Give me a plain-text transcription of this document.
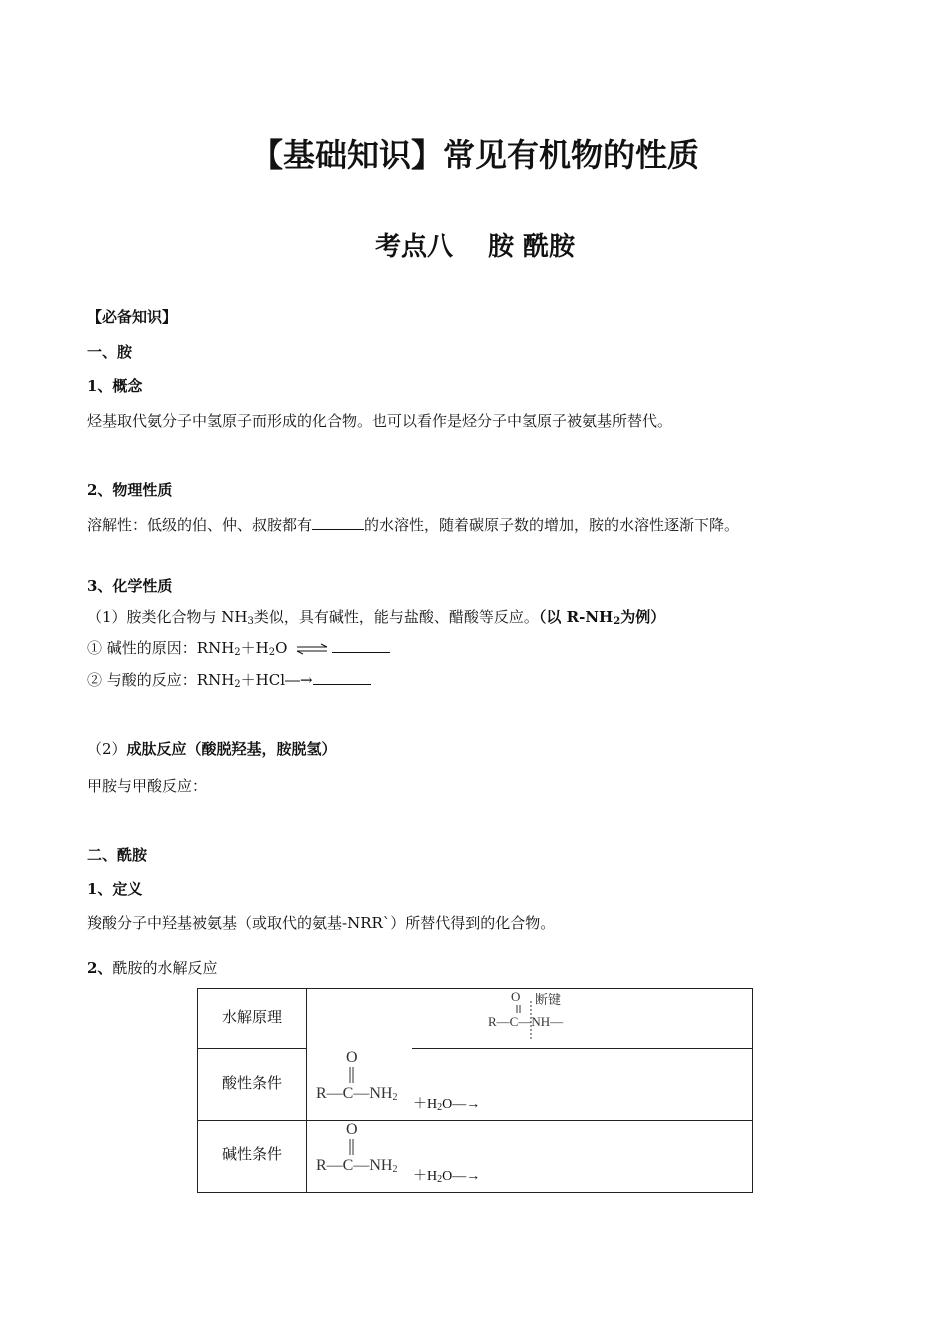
【基础知识】常见有机物的性质
考点八　 胺 酰胺
【必备知识】
一、胺
1、概念
烃基取代氨分子中氢原子而形成的化合物。也可以看作是烃分子中氢原子被氨基所替代。
2、物理性质
溶解性：低级的伯、仲、叔胺都有	的水溶性，随着碳原子数的增加，胺的水溶性逐渐下降。
3、化学性质
（1）胺类化合物与 $NH_3$类似，具有碱性，能与盐酸、醋酸等反应。（以 $R-NH_2$为例）
① 碱性的原因：$RNH_2+H_2O$ ⇌
② 与酸的反应：$RNH_2+HCl―\to$
（2）成肽反应（酸脱羟基，胺脱氢）
甲胺与甲酸反应：
二、酰胺
1、定义
羧酸分子中羟基被氨基（或取代的氨基-NRR`）所替代得到的化合物。
2、酰胺的水解反应
水解原理
酸性条件
碱性条件
O 断键
R—C—NH—
O
$R—C—NH_2$ $+H_2O―\to$
O
$R—C—NH_2$ $+H_2O―\to$
